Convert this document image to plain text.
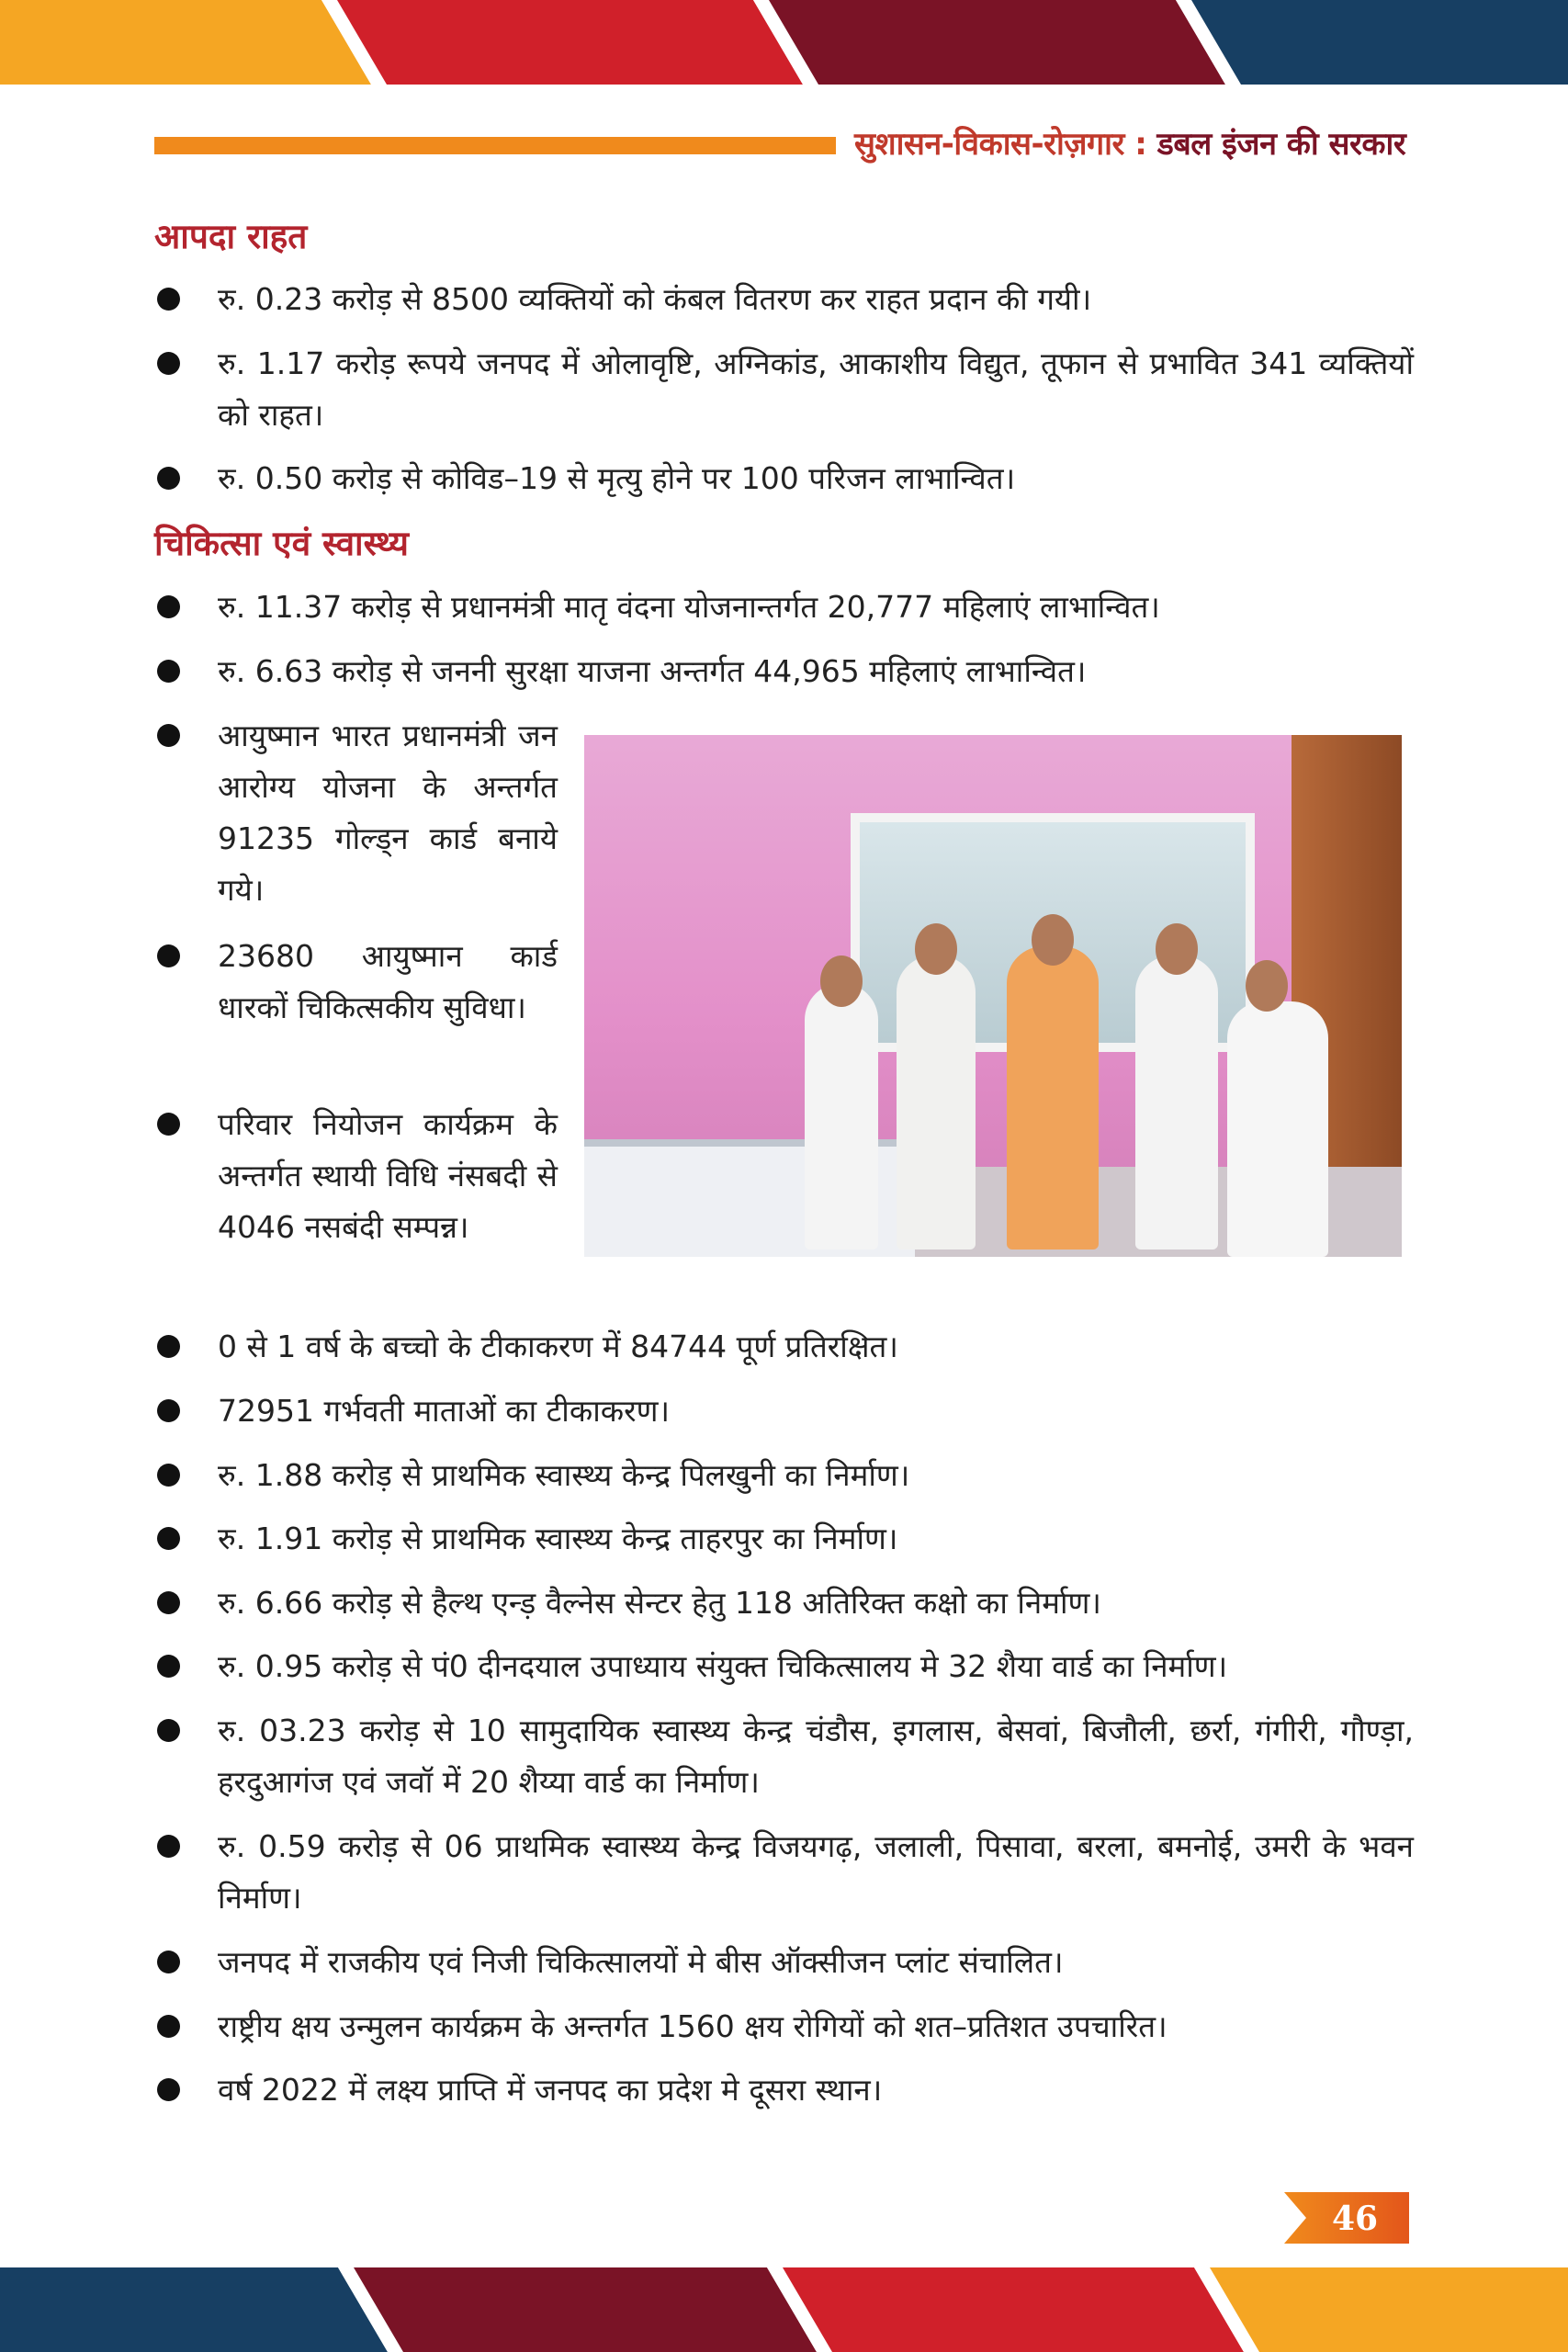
सुशासन-विकास-रोज़गार : डबल इंजन की सरकार
आपदा राहत
रु. 0.23 करोड़ से 8500 व्यक्तियों को कंबल वितरण कर राहत प्रदान की गयी।
रु. 1.17 करोड़ रूपये जनपद में ओलावृष्टि, अग्निकांड, आकाशीय विद्युत, तूफान से प्रभावित 341 व्यक्तियों को राहत।
रु. 0.50 करोड़ से कोविड–19 से मृत्यु होने पर 100 परिजन लाभान्वित।
चिकित्सा एवं स्वास्थ्य
रु. 11.37 करोड़ से प्रधानमंत्री मातृ वंदना योजनान्तर्गत 20,777 महिलाएं लाभान्वित।
रु. 6.63 करोड़ से जननी सुरक्षा याजना अन्तर्गत 44,965 महिलाएं लाभान्वित।
आयुष्मान भारत प्रधानमंत्री जन आरोग्य योजना के अन्तर्गत 91235 गोल्ड्न कार्ड बनाये गये।
23680 आयुष्मान कार्ड धारकों चिकित्सकीय सुविधा।
परिवार नियोजन कार्यक्रम के अन्तर्गत स्थायी विधि नंसबदी से 4046 नसबंदी सम्पन्न।
0 से 1 वर्ष के बच्चो के टीकाकरण में 84744 पूर्ण प्रतिरक्षित।
72951 गर्भवती माताओं का टीकाकरण।
रु. 1.88 करोड़ से प्राथमिक स्वास्थ्य केन्द्र पिलखुनी का निर्माण।
रु. 1.91 करोड़ से प्राथमिक स्वास्थ्य केन्द्र ताहरपुर का निर्माण।
रु. 6.66 करोड़ से हैल्थ एन्ड़ वैल्नेस सेन्टर हेतु 118 अतिरिक्त कक्षो का निर्माण।
रु. 0.95 करोड़ से पं0 दीनदयाल उपाध्याय संयुक्त चिकित्सालय मे 32 शैया वार्ड का निर्माण।
रु. 03.23 करोड़ से 10 सामुदायिक स्वास्थ्य केन्द्र चंडौस, इगलास, बेसवां, बिजौली, छर्रा, गंगीरी, गौण्ड़ा, हरदुआगंज एवं जवॉ में 20 शैय्या वार्ड का निर्माण।
रु. 0.59 करोड़ से 06 प्राथमिक स्वास्थ्य केन्द्र विजयगढ़, जलाली, पिसावा, बरला, बमनोई, उमरी के भवन निर्माण।
जनपद में राजकीय एवं निजी चिकित्सालयों मे बीस ऑक्सीजन प्लांट संचालित।
राष्ट्रीय क्षय उन्मुलन कार्यक्रम के अन्तर्गत 1560 क्षय रोगियों को शत–प्रतिशत उपचारित।
वर्ष 2022 में लक्ष्य प्राप्ति में जनपद का प्रदेश मे दूसरा स्थान।
46
